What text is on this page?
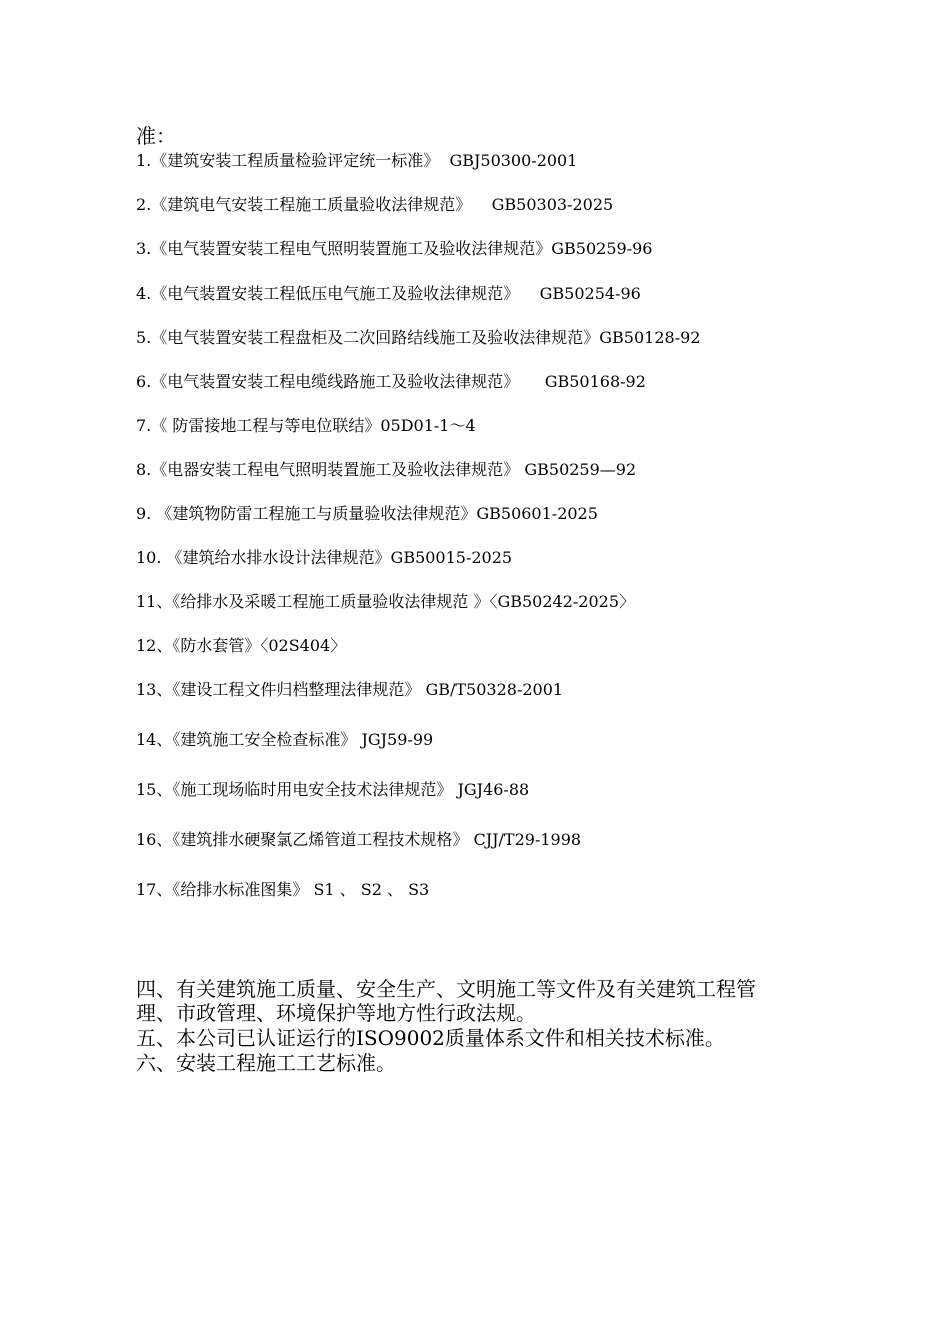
准：
1.《建筑安装工程质量检验评定统一标准》  GBJ50300-2001
2.《建筑电气安装工程施工质量验收法律规范》    GB50303-2025
3.《电气装置安装工程电气照明装置施工及验收法律规范》GB50259-96
4.《电气装置安装工程低压电气施工及验收法律规范》    GB50254-96
5.《电气装置安装工程盘柜及二次回路结线施工及验收法律规范》GB50128-92
6.《电气装置安装工程电缆线路施工及验收法律规范》     GB50168-92
7.《 防雷接地工程与等电位联结》05D01-1～4
8.《电器安装工程电气照明装置施工及验收法律规范》 GB50259—92
9. 《建筑物防雷工程施工与质量验收法律规范》GB50601-2025
10. 《建筑给水排水设计法律规范》GB50015-2025
11、《给排水及采暖工程施工质量验收法律规范 》〈GB50242-2025〉
12、《防水套管》〈02S404〉
13、《建设工程文件归档整理法律规范》 GB/T50328-2001
14、《建筑施工安全检查标准》 JGJ59-99
15、《施工现场临时用电安全技术法律规范》 JGJ46-88
16、《建筑排水硬聚氯乙烯管道工程技术规格》 CJJ/T29-1998
17、《给排水标准图集》 S1 、 S2 、 S3
四、有关建筑施工质量、安全生产、文明施工等文件及有关建筑工程管
理、市政管理、环境保护等地方性行政法规。
五、本公司已认证运行的ISO9002质量体系文件和相关技术标准。
六、安装工程施工工艺标准。
